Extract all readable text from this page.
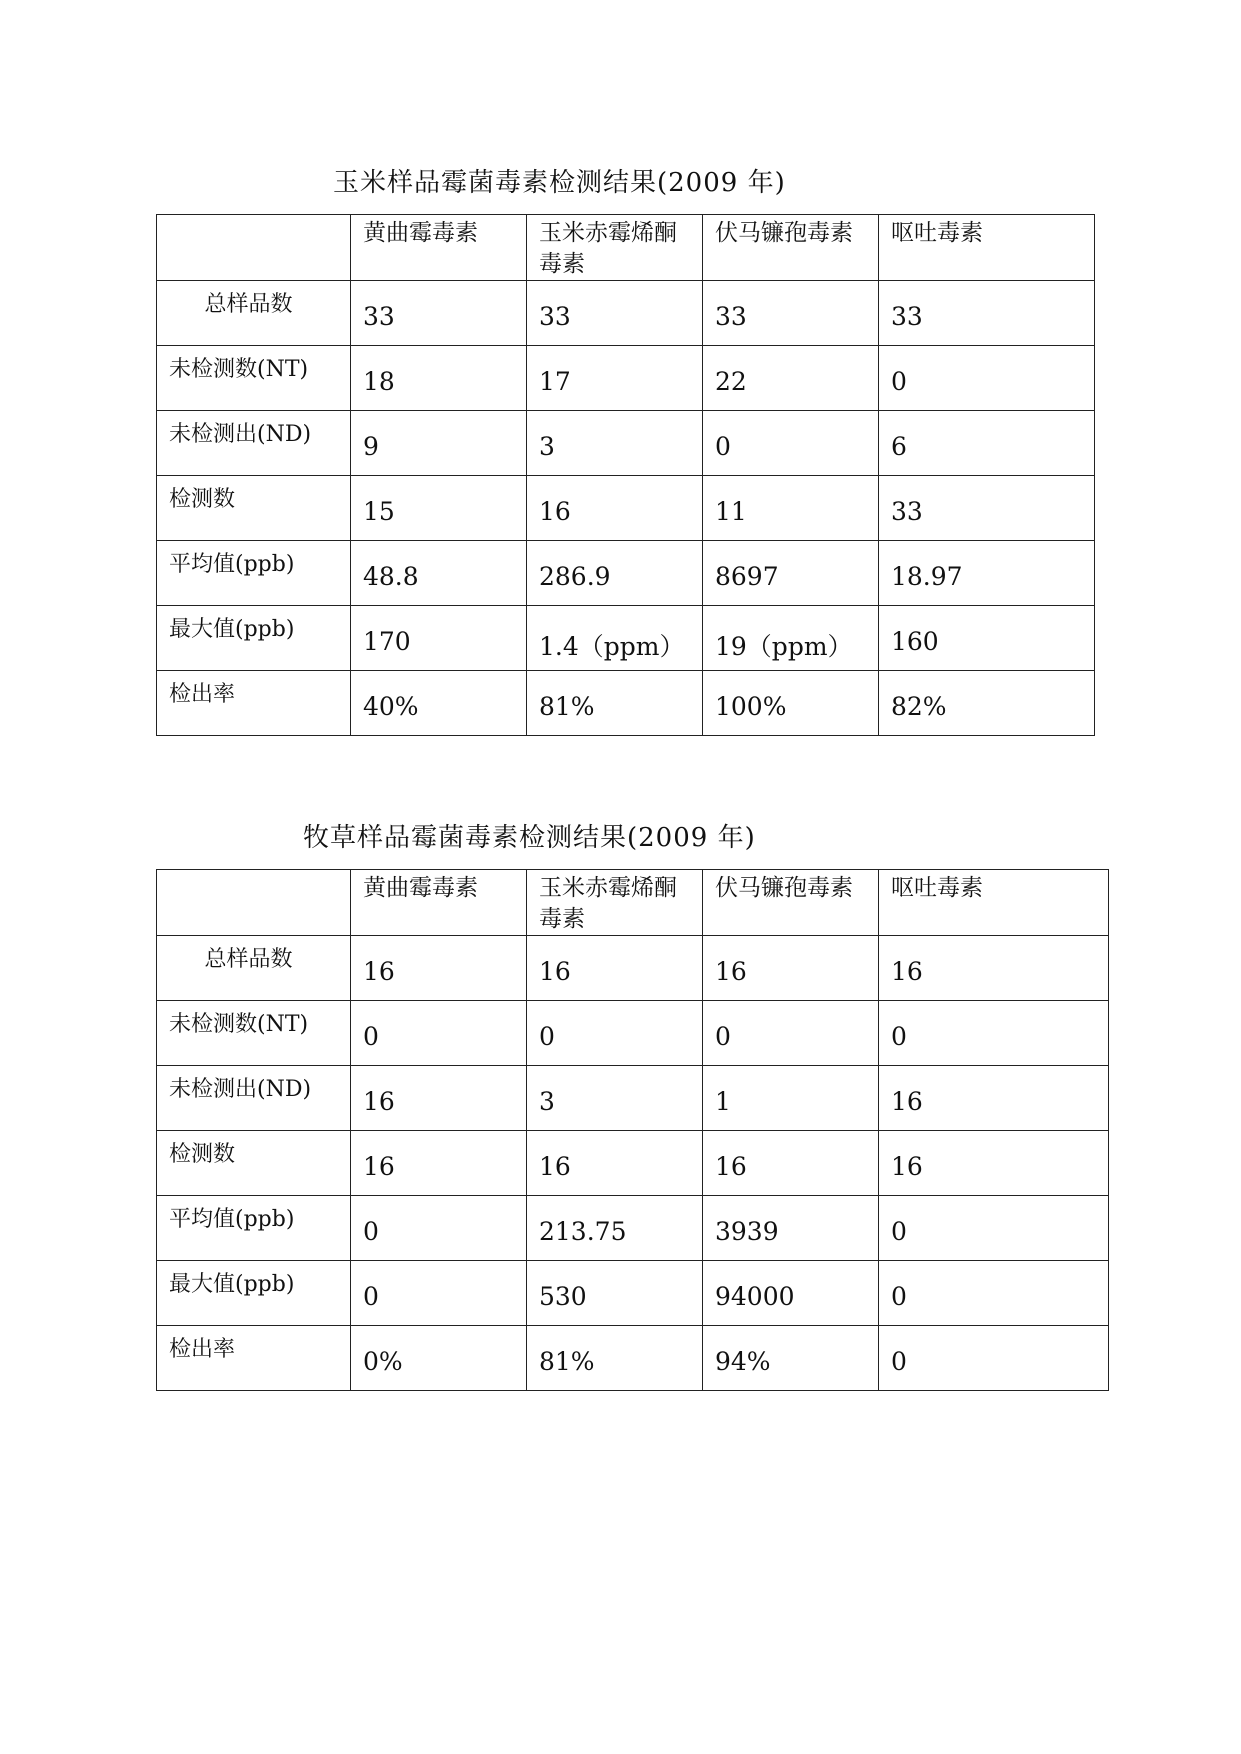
玉米样品霉菌毒素检测结果(2009 年)

	黄曲霉毒素	玉米赤霉烯酮毒素	伏马镰孢毒素	呕吐毒素

总样品数	33	33	33	33

未检测数(NT)	18	17	22	0

未检测出(ND)	9	3	0	6

检测数	15	16	11	33

平均值(ppb)	48.8	286.9	8697	18.97

最大值(ppb)	170	1.4（ppm）	19（ppm）	160

检出率	40%	81%	100%	82%
牧草样品霉菌毒素检测结果(2009 年)

	黄曲霉毒素	玉米赤霉烯酮毒素	伏马镰孢毒素	呕吐毒素

总样品数	16	16	16	16

未检测数(NT)	0	0	0	0

未检测出(ND)	16	3	1	16

检测数	16	16	16	16

平均值(ppb)	0	213.75	3939	0

最大值(ppb)	0	530	94000	0

检出率	0%	81%	94%	0
